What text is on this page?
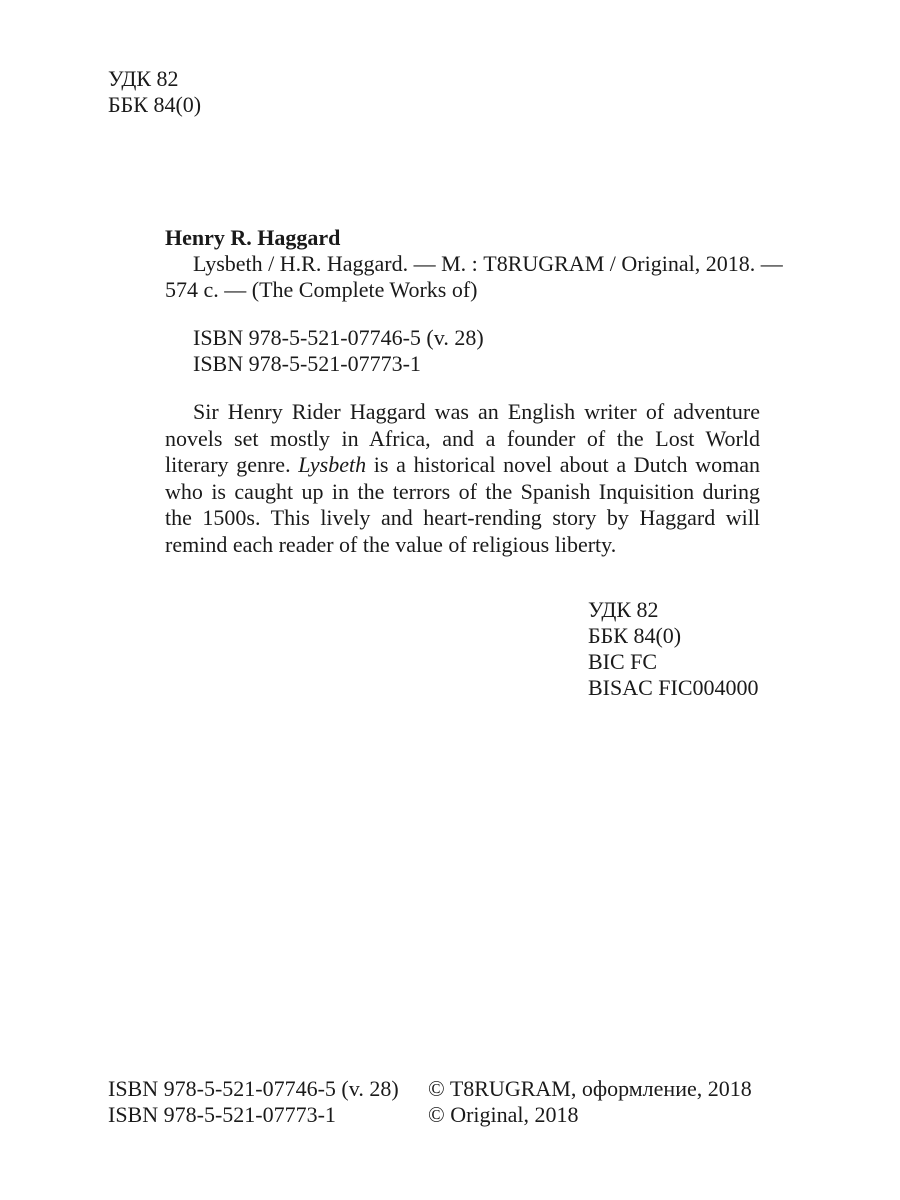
УДК 82
ББК 84(0)
Henry R. Haggard
Lysbeth / H.R. Haggard. — М. : T8RUGRAM / Original, 2018. —
574 с. — (The Complete Works of)
ISBN 978-5-521-07746-5 (v. 28)
ISBN 978-5-521-07773-1

Sir Henry Rider Haggard was an English writer of adventure novels set mostly in Africa, and a founder of the Lost World literary genre. Lysbeth is a historical novel about a Dutch woman who is caught up in the terrors of the Spanish Inquisition during the 1500s. This lively and heart-rending story by Haggard will remind each reader of the value of religious liberty.

УДК 82
ББК 84(0)
BIC FC
BISAC FIC004000
ISBN 978-5-521-07746-5 (v. 28)	© T8RUGRAM, оформление, 2018
ISBN 978-5-521-07773-1	© Original, 2018
